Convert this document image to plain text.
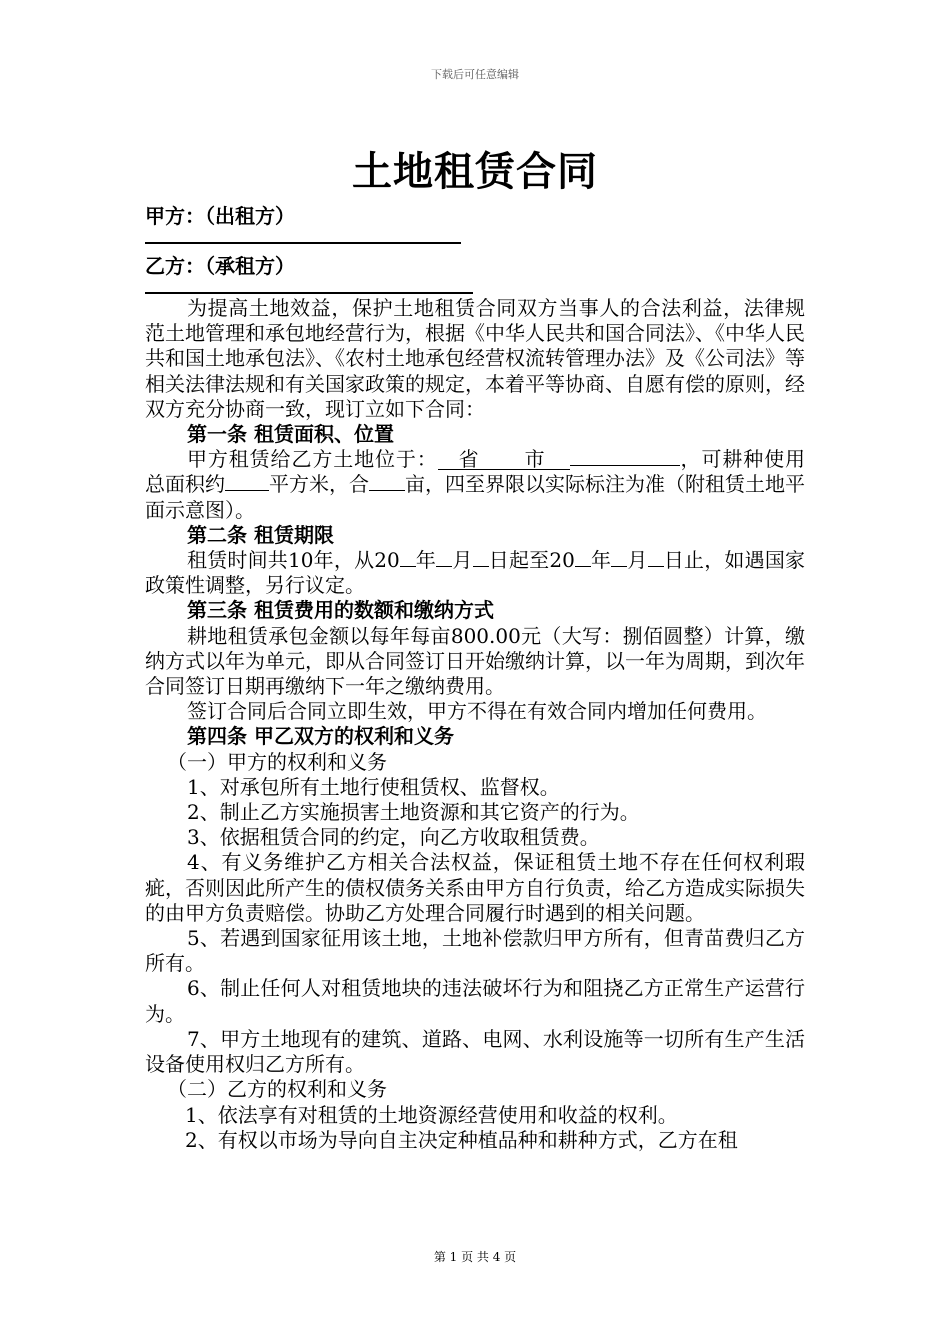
下载后可任意编辑
土地租赁合同
甲方：（出租方）
乙方：（承租方）

为提高土地效益，保护土地租赁合同双方当事人的合法利益，法律规范土地管理和承包地经营行为，根据《中华人民共和国合同法》、《中华人民共和国土地承包法》、《农村土地承包经营权流转管理办法》及《公司法》等相关法律法规和有关国家政策的规定，本着平等协商、自愿有偿的原则，经双方充分协商一致，现订立如下合同：

第一条 租赁面积、位置

甲方租赁给乙方土地位于： 省 市	，可耕种使用总面积约 平方米，合 亩，四至界限以实际标注为准（附租赁土地平面示意图）。

第二条 租赁期限

租赁时间共10年，从20 年 月 日起至20 年 月 日止，如遇国家政策性调整，另行议定。

第三条 租赁费用的数额和缴纳方式

耕地租赁承包金额以每年每亩800.00元（大写：捌佰圆整）计算，缴纳方式以年为单元，即从合同签订日开始缴纳计算，以一年为周期，到次年合同签订日期再缴纳下一年之缴纳费用。

签订合同后合同立即生效，甲方不得在有效合同内增加任何费用。

第四条 甲乙双方的权利和义务

（一）甲方的权利和义务

1、对承包所有土地行使租赁权、监督权。

2、制止乙方实施损害土地资源和其它资产的行为。

3、依据租赁合同的约定，向乙方收取租赁费。

4、有义务维护乙方相关合法权益，保证租赁土地不存在任何权利瑕疵，否则因此所产生的债权债务关系由甲方自行负责，给乙方造成实际损失的由甲方负责赔偿。协助乙方处理合同履行时遇到的相关问题。

5、若遇到国家征用该土地，土地补偿款归甲方所有，但青苗费归乙方所有。

6、制止任何人对租赁地块的违法破坏行为和阻挠乙方正常生产运营行为。

7、甲方土地现有的建筑、道路、电网、水利设施等一切所有生产生活设备使用权归乙方所有。

（二）乙方的权利和义务

1、依法享有对租赁的土地资源经营使用和收益的权利。

2、有权以市场为导向自主决定种植品种和耕种方式，乙方在租

第 1 页 共 4 页
